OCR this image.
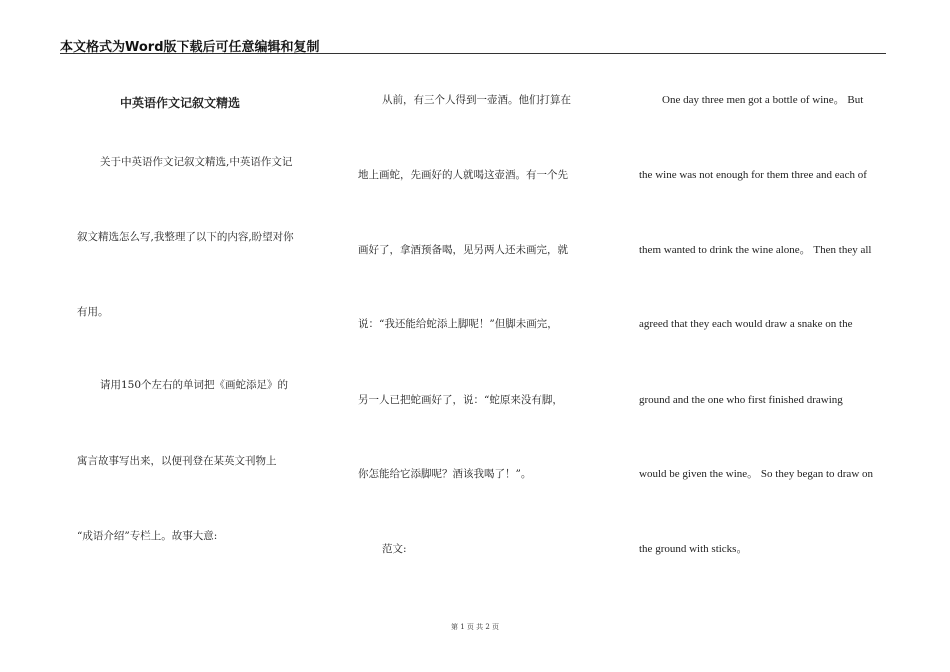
本文格式为Word版下载后可任意编辑和复制
中英语作文记叙文精选
关于中英语作文记叙文精选,中英语作文记
叙文精选怎么写,我整理了以下的内容,盼望对你
有用。
请用150个左右的单词把《画蛇添足》的
寓言故事写出来，以便刊登在某英文刊物上
“成语介绍”专栏上。故事大意:
从前，有三个人得到一壶酒。他们打算在
地上画蛇，先画好的人就喝这壶酒。有一个先
画好了，拿酒预备喝，见另两人还未画完，就
说：“我还能给蛇添上脚呢！”但脚未画完，
另一人已把蛇画好了，说：“蛇原来没有脚，
你怎能给它添脚呢？酒该我喝了！”。
范文:
One day three men got a bottle of wine。 But
the wine was not enough for them three and each of
them wanted to drink the wine alone。 Then they all
agreed that they each would draw a snake on the
ground and the one who first finished drawing
would be given the wine。 So they began to draw on
the ground with sticks。
第 1 页 共 2 页
